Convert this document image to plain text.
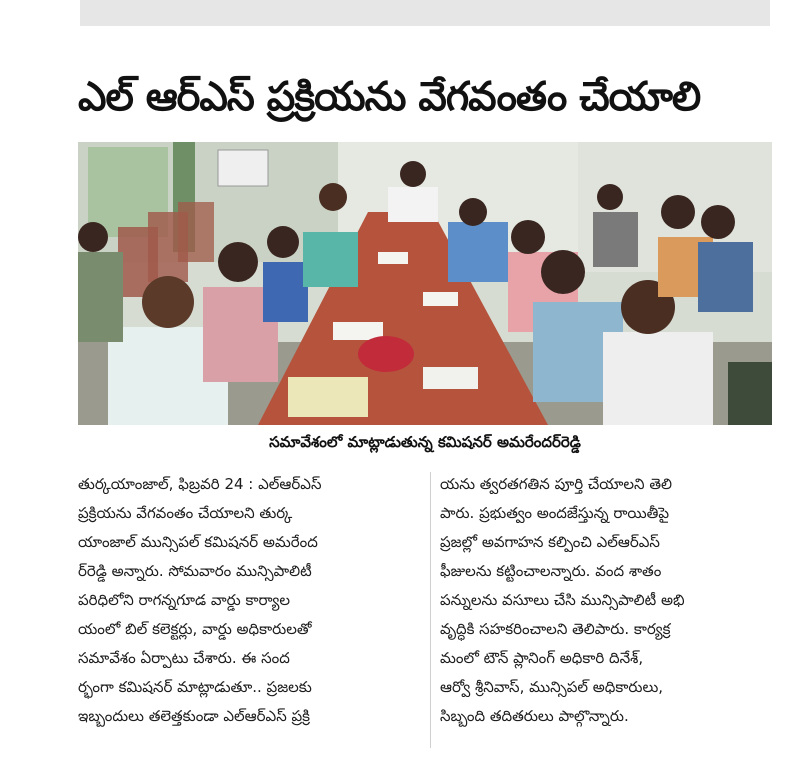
ఎల్ ఆర్ఎస్ ప్రక్రియను వేగవంతం చేయాలి
సమావేశంలో మాట్లాడుతున్న కమిషనర్ అమరేందర్‌రెడ్డి
తుర్కయాంజాల్, ఫిబ్రవరి 24 : ఎల్ఆర్ఎస్
ప్రక్రియను వేగవంతం చేయాలని తుర్క
యాంజాల్ మున్సిపల్ కమిషనర్ అమరేంద
ర్‌రెడ్డి అన్నారు. సోమవారం మున్సిపాలిటీ
పరిధిలోని రాగన్నగూడ వార్డు కార్యాల
యంలో బిల్ కలెక్టర్లు, వార్డు అధికారులతో
సమావేశం ఏర్పాటు చేశారు. ఈ సంద
ర్భంగా కమిషనర్ మాట్లాడుతూ.. ప్రజలకు
ఇబ్బందులు తలెత్తకుండా ఎల్ఆర్ఎస్ ప్రక్రి
యను త్వరతగతిన పూర్తి చేయాలని తెలి
పారు. ప్రభుత్వం అందజేస్తున్న రాయితీపై
ప్రజల్లో అవగాహన కల్పించి ఎల్ఆర్ఎస్
ఫీజులను కట్టించాలన్నారు. వంద శాతం
పన్నులను వసూలు చేసి మున్సిపాలిటీ అభి
వృద్ధికి సహకరించాలని తెలిపారు. కార్యక్ర
మంలో టౌన్ ప్లానింగ్ అధికారి దినేశ్,
ఆర్వో శ్రీనివాస్, మున్సిపల్ అధికారులు,
సిబ్బంది తదితరులు పాల్గొన్నారు.
